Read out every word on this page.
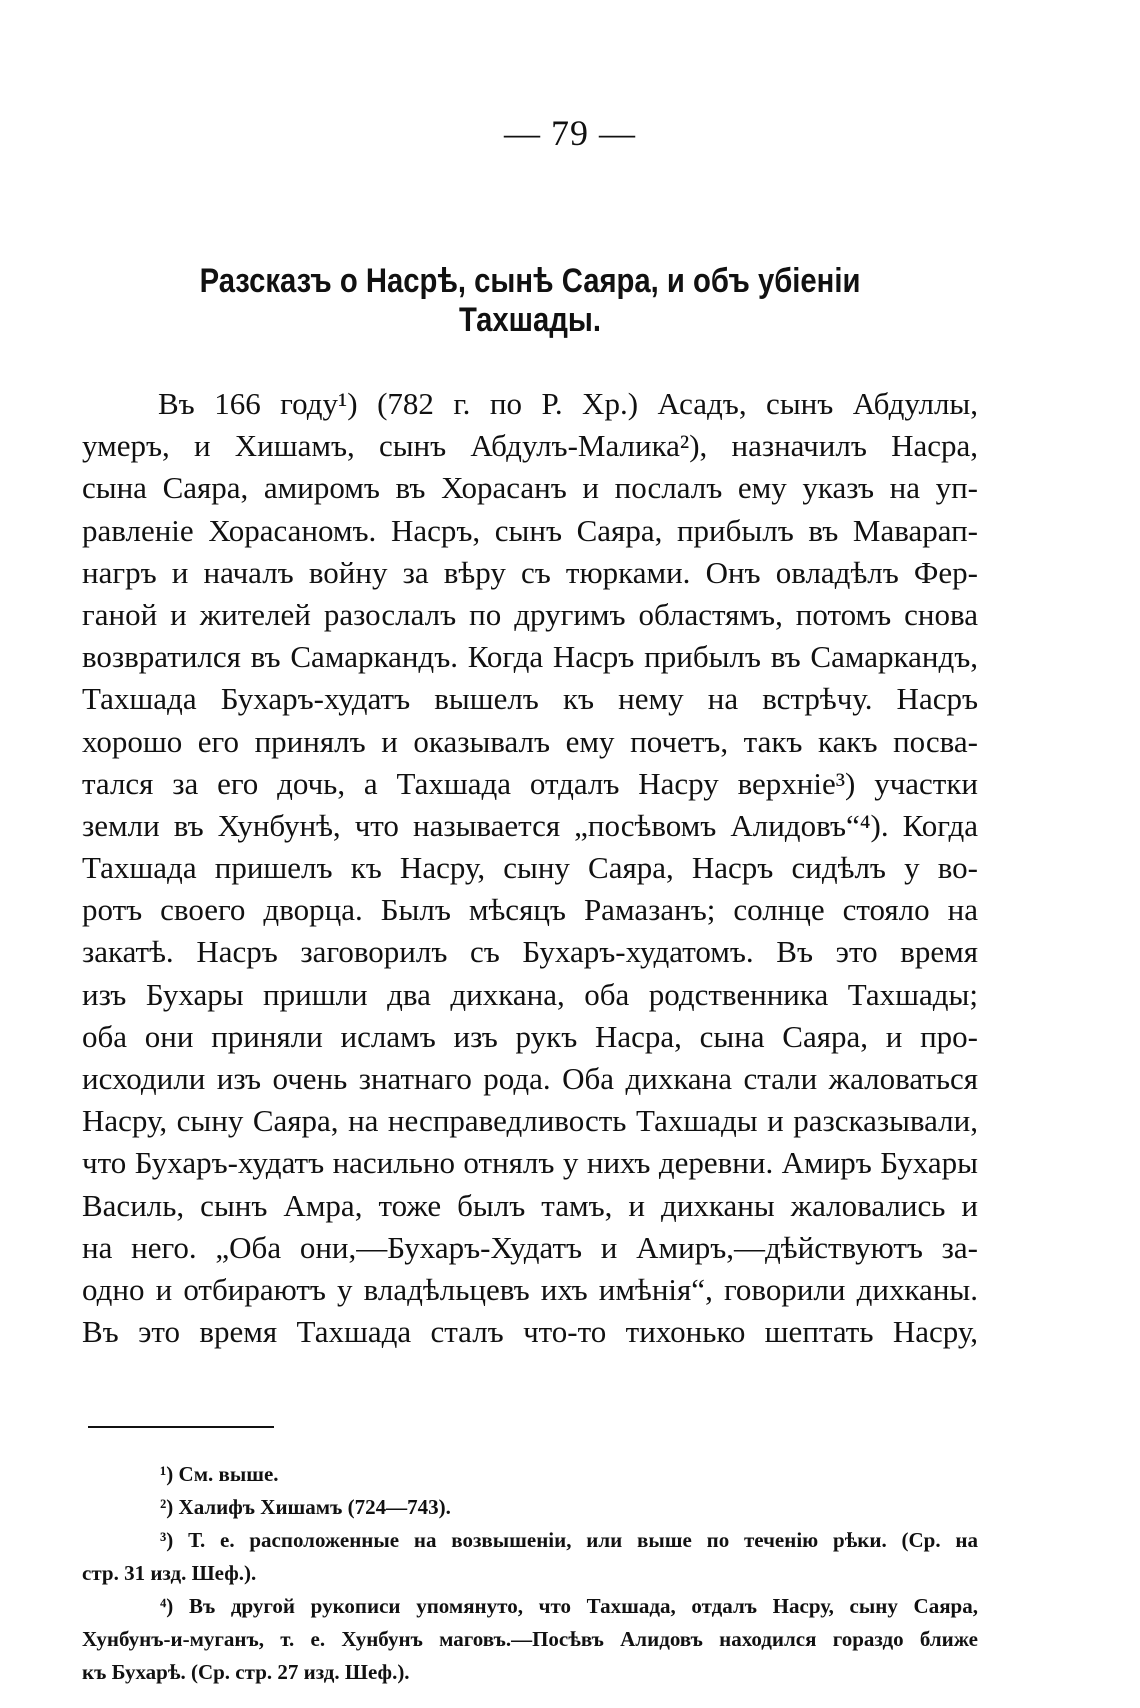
— 79 —
Разсказъ о Насрѣ, сынѣ Саяра, и объ убіеніи Тахшады.
Въ 166 году¹) (782 г. по Р. Хр.) Асадъ, сынъ Абдуллы,
умеръ, и Хишамъ, сынъ Абдулъ-Малика²), назначилъ Насра,
сына Саяра, амиромъ въ Хорасанъ и послалъ ему указъ на уп-
равленіе Хорасаномъ. Насръ, сынъ Саяра, прибылъ въ Маварап-
нагръ и началъ войну за вѣру съ тюрками. Онъ овладѣлъ Фер-
ганой и жителей разослалъ по другимъ областямъ, потомъ снова
возвратился въ Самаркандъ. Когда Насръ прибылъ въ Самаркандъ,
Тахшада Бухаръ-худатъ вышелъ къ нему на встрѣчу. Насръ
хорошо его принялъ и оказывалъ ему почетъ, такъ какъ посва-
тался за его дочь, а Тахшада отдалъ Насру верхніе³) участки
земли въ Хунбунѣ, что называется „посѣвомъ Алидовъ“⁴). Когда
Тахшада пришелъ къ Насру, сыну Саяра, Насръ сидѣлъ у во-
ротъ своего дворца. Былъ мѣсяцъ Рамазанъ; солнце стояло на
закатѣ. Насръ заговорилъ съ Бухаръ-худатомъ. Въ это время
изъ Бухары пришли два дихкана, оба родственника Тахшады;
оба они приняли исламъ изъ рукъ Насра, сына Саяра, и про-
исходили изъ очень знатнаго рода. Оба дихкана стали жаловаться
Насру, сыну Саяра, на несправедливость Тахшады и разсказывали,
что Бухаръ-худатъ насильно отнялъ у нихъ деревни. Амиръ Бухары
Василь, сынъ Амра, тоже былъ тамъ, и дихканы жаловались и
на него. „Оба они,—Бухаръ-Худатъ и Амиръ,—дѣйствуютъ за-
одно и отбираютъ у владѣльцевъ ихъ имѣнія“, говорили дихканы.
Въ это время Тахшада сталъ что-то тихонько шептать Насру,
¹) См. выше.
²) Халифъ Хишамъ (724—743).
³) Т. е. расположенные на возвышеніи, или выше по теченію рѣки. (Ср. на
стр. 31 изд. Шеф.).
⁴) Въ другой рукописи упомянуто, что Тахшада, отдалъ Насру, сыну Саяра,
Хунбунъ-и-муганъ, т. е. Хунбунъ маговъ.—Посѣвъ Алидовъ находился гораздо ближе
къ Бухарѣ. (Ср. стр. 27 изд. Шеф.).
